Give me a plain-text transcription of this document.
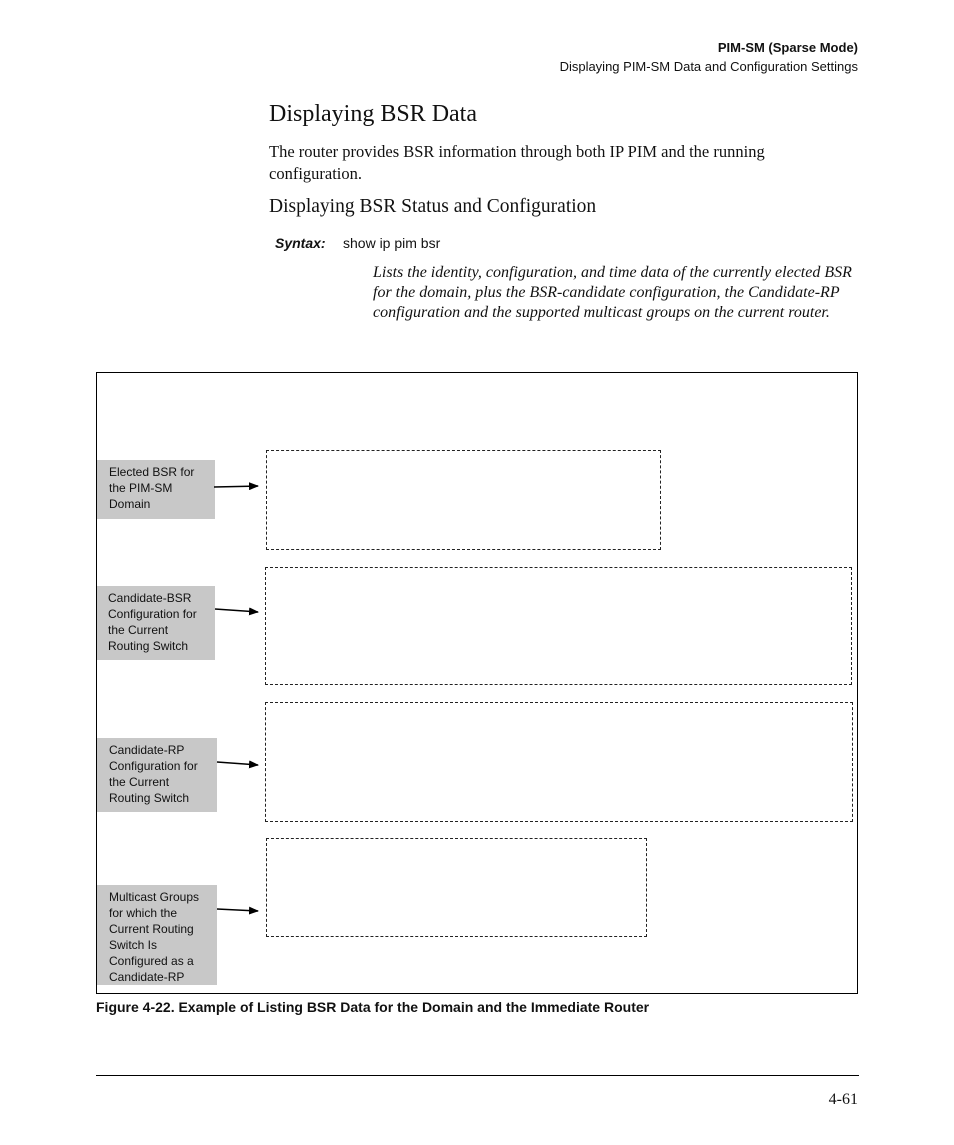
PIM-SM (Sparse Mode)
Displaying PIM-SM Data and Configuration Settings
Displaying BSR Data
The router provides BSR information through both IP PIM and the running configuration.
Displaying BSR Status and Configuration
Syntax: show ip pim bsr
Lists the identity, configuration, and time data of the currently elected BSR for the domain, plus the BSR-candidate configuration, the Candidate-RP configuration and the supported multicast groups on the current router.
Elected BSR for the PIM-SM Domain
Candidate-BSR Configuration for the Current Routing Switch
Candidate-RP Configuration for the Current Routing Switch
Multicast Groups for which the Current Routing Switch Is Configured as a Candidate-RP
Figure 4-22. Example of Listing BSR Data for the Domain and the Immediate Router
4-61
